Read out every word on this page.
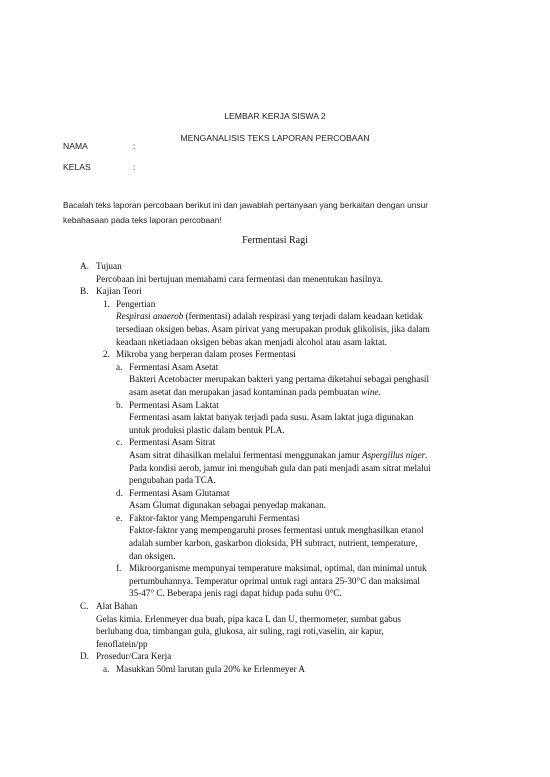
LEMBAR KERJA SISWA 2
MENGANALISIS TEKS LAPORAN PERCOBAAN
NAMA	:
KELAS	:
Bacalah teks laporan percobaan berikut ini dan jawablah pertanyaan yang berkaitan dengan unsur
kebahasaan pada teks laporan percobaan!
Fermentasi Ragi
A. Tujuan
Percobaan ini bertujuan memahami cara fermentasi dan menentukan hasilnya.
B. Kajian Teori
1. Pengertian
Respirasi anaerob (fermentasi) adalah respirasi yang terjadi dalam keadaan ketidak
tersediaan oksigen bebas. Asam pirivat yang merupakan produk glikolisis, jika dalam
keadaan nketiadaan oksigen bebas akan menjadi alcohol atau asam laktat.
2. Mikroba yang berperan dalam proses Fermentasi
a. Fermentasi Asam Asetat
Bakteri Acetobacter merupakan bakteri yang pertama diketahui sebagai penghasil
asam asetat dan merupakan jasad kontaminan pada pembuatan wine.
b. Permentasi Asam Laktat
Fermentasi asam laktat banyak terjadi pada susu. Asam laktat juga digunakan
untuk produksi plastic dalam bentuk PLA.
c. Permentasi Asam Sitrat
Asam sitrat dihasilkan melalui fermentasi menggunakan jamur Aspergillus niger.
Pada kondisi aerob, jamur ini mengubah gula dan pati menjadi asam sitrat melalui
pengubahan pada TCA.
d. Fermentasi Asam Glutamat
Asam Glumat digunakan sebagai penyedap makanan.
e. Faktor-faktor yang Mempengaruhi Fermentasi
Faktor-faktor yang mempengaruhi proses fermentasi untuk menghasilkan etanol
adalah sumber karbon, gaskarbon dioksida, PH subtract, nutrient, temperature,
dan oksigen.
f. Mikroorganisme mempunyai temperature maksimal, optimal, dan minimal untuk
pertumbuhannya. Temperatur oprimal untuk ragi antara 25-30°C dan maksimal
35-47° C. Beberapa jenis ragi dapat hidup pada suhu 0°C.
C. Alat Bahan
Gelas kimia. Erlenmeyer dua buah, pipa kaca L dan U, thermometer, sumbat gabus
berlubang dua, timbangan gula, glukosa, air suling, ragi roti,vaselin, air kapur,
fenoflatein/pp
D. Prosedur/Cara Kerja
a. Masukkan 50ml larutan gula 20% ke Erlenmeyer A
